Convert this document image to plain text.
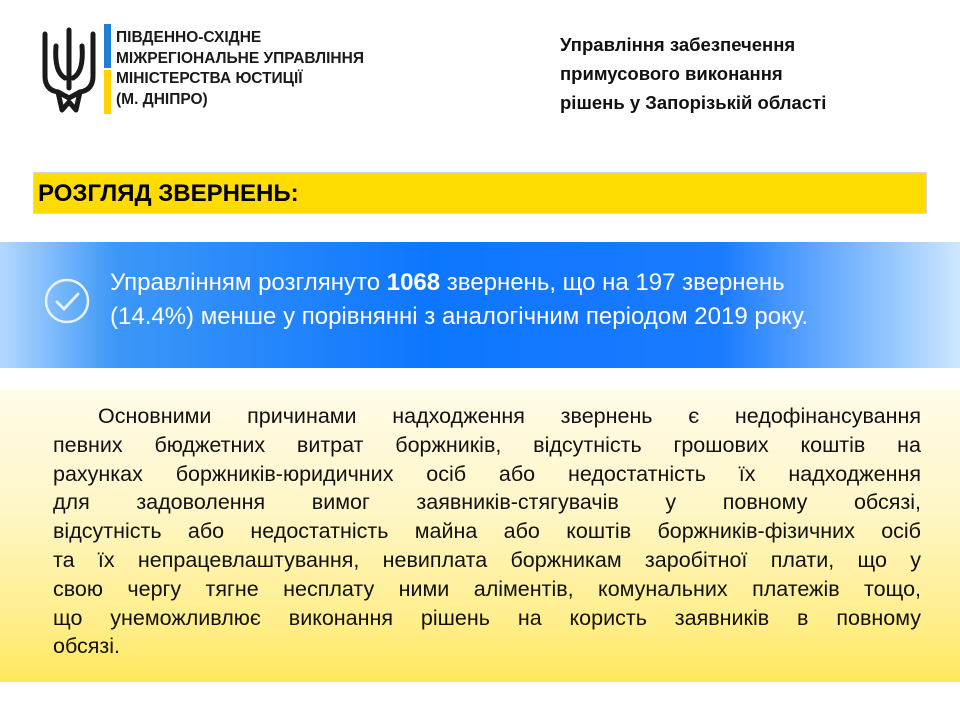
ПІВДЕННО-СХІДНЕ
МІЖРЕГІОНАЛЬНЕ УПРАВЛІННЯ
МІНІСТЕРСТВА ЮСТИЦІЇ
(М. ДНІПРО)
Управління забезпечення
примусового виконання
рішень у Запорізькій області
РОЗГЛЯД ЗВЕРНЕНЬ:
Управлінням розглянуто 1068 звернень, що на 197 звернень
(14.4%) менше у порівнянні з аналогічним періодом 2019 року.
Основними причинами надходження звернень є недофінансування
певних бюджетних витрат боржників, відсутність грошових коштів на
рахунках боржників-юридичних осіб або недостатність їх надходження
для задоволення вимог заявників-стягувачів у повному обсязі,
відсутність або недостатність майна або коштів боржників-фізичних осіб
та їх непрацевлаштування, невиплата боржникам заробітної плати, що у
свою чергу тягне несплату ними аліментів, комунальних платежів тощо,
що унеможливлює виконання рішень на користь заявників в повному
обсязі.
